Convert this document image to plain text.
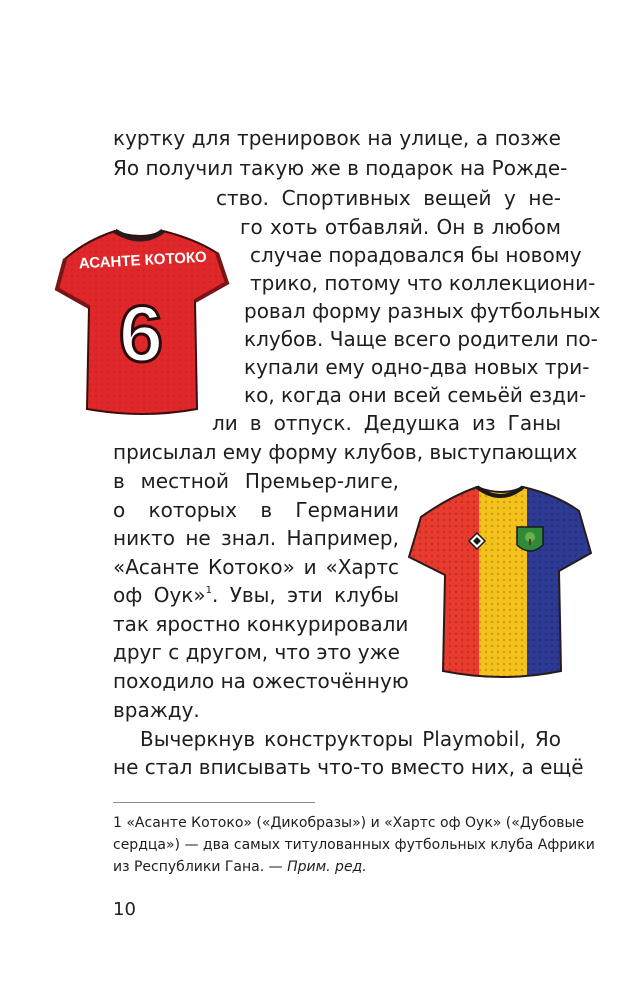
куртку для тренировок на улице, а позже
Яо получил такую же в подарок на Рожде-
ство. Спортивных вещей у не-
го хоть отбавляй. Он в любом
случае порадовался бы новому
трико, потому что коллекциони-
ровал форму разных футбольных
клубов. Чаще всего родители по-
купали ему одно-два новых три-
ко, когда они всей семьёй езди-
ли в отпуск. Дедушка из Ганы
присылал ему форму клубов, выступающих
в местной Премьер-лиге,
о которых в Германии
никто не знал. Например,
«Асанте Котоко» и «Хартс
оф Оук»$^1$. Увы, эти клубы
так яростно конкурировали
друг с другом, что это уже
походило на ожесточённую
вражду.
Вычеркнув конструкторы Playmobil, Яо
не стал вписывать что-то вместо них, а ещё
1 «Асанте Котоко» («Дикобразы») и «Хартс оф Оук» («Дубовые
сердца») — два самых титулованных футбольных клуба Африки
из Республики Гана. — Прим. ред.
10
АСАНТЕ КОТОКО
6
